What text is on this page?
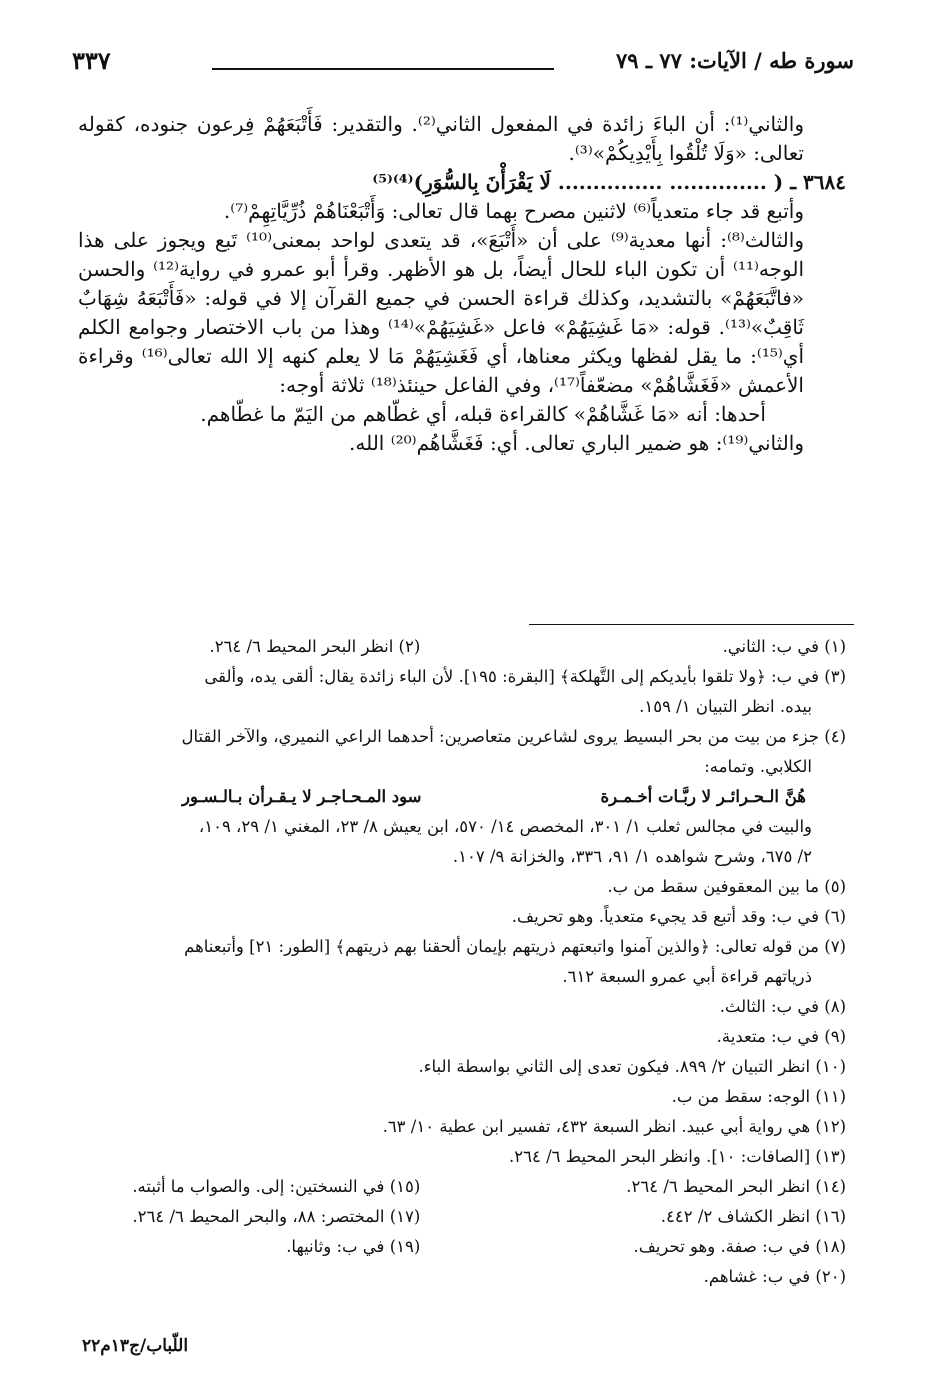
سورة طه / الآيات: ٧٧ ـ ٧٩
٣٣٧

والثاني⁽¹⁾: أن الباءَ زائدة في المفعول الثاني⁽²⁾. والتقدير: فَأَتْبَعَهُمْ فِرعون جنوده، كقوله تعالى: «وَلَا تُلْقُوا بِأَيْدِيكُمْ»⁽³⁾.

٣٦٨٤ ـ ( .............. ............... لَا يَقْرَأْنَ بِالسُّوَرِ)⁽⁴⁾⁽⁵⁾

وأتبع قد جاء متعدياً⁽⁶⁾ لاثنين مصرح بهما قال تعالى: وَأَتْبَعْنَاهُمْ ذُرِّيَّاتِهِمْ⁽⁷⁾.

والثالث⁽⁸⁾: أنها معدية⁽⁹⁾ على أن «أَتْبَعَ»، قد يتعدى لواحد بمعنى⁽¹⁰⁾ تَبع ويجوز على هذا الوجه⁽¹¹⁾ أن تكون الباء للحال أيضاً، بل هو الأظهر. وقرأ أبو عمرو في رواية⁽¹²⁾ والحسن «فاتَّبَعَهُمْ» بالتشديد، وكذلك قراءة الحسن في جميع القرآن إلا في قوله: «فَأَتْبَعَهُ شِهَابٌ ثَاقِبٌ»⁽¹³⁾. قوله: «مَا غَشِيَهُمْ» فاعل «غَشِيَهُمْ»⁽¹⁴⁾ وهذا من باب الاختصار وجوامع الكلم أي⁽¹⁵⁾: ما يقل لفظها ويكثر معناها، أي فَغَشِيَهُمْ مَا لا يعلم كنهه إلا الله تعالى⁽¹⁶⁾ وقراءة الأعمش «فَغَشَّاهُمْ» مضعّفاً⁽¹⁷⁾، وفي الفاعل حينئذ⁽¹⁸⁾ ثلاثة أوجه:

أحدها: أنه «مَا غَشَّاهُمْ» كالقراءة قبله، أي غطّاهم من اليَمّ ما غطّاهم.

والثاني⁽¹⁹⁾: هو ضمير الباري تعالى. أي: فَغَشَّاهُم⁽²⁰⁾ الله.

(١) في ب: الثاني.

(٢) انظر البحر المحيط ٦/ ٢٦٤.

(٣) في ب: ﴿ولا تلقوا بأيديكم إلى التَّهلكة﴾ [البقرة: ١٩٥]. لأن الباء زائدة يقال: ألقى يده، وألقى

بيده. انظر التبيان ١/ ١٥٩.

(٤) جزء من بيت من بحر البسيط يروى لشاعرين متعاصرين: أحدهما الراعي النميري، والآخر القتال

الكلابي. وتمامه:

هُنَّ الـحـرائـر لا ربَّـات أخـمـرة
سود المـحـاجـر لا يـقـرأن بـالـسـور

والبيت في مجالس ثعلب ١/ ٣٠١، المخصص ١٤/ ٥٧٠، ابن يعيش ٨/ ٢٣، المغني ١/ ٢٩، ١٠٩،

٢/ ٦٧٥، وشرح شواهده ١/ ٩١، ٣٣٦، والخزانة ٩/ ١٠٧.

(٥) ما بين المعقوفين سقط من ب.

(٦) في ب: وقد أتبع قد يجيء متعدياً. وهو تحريف.

(٧) من قوله تعالى: ﴿والذين آمنوا واتبعتهم ذريتهم بإيمان ألحقنا بهم ذريتهم﴾ [الطور: ٢١] وأتبعناهم

ذرياتهم قراءة أبي عمرو السبعة ٦١٢.

(٨) في ب: الثالث.

(٩) في ب: متعدية.

(١٠) انظر التبيان ٢/ ٨٩٩. فيكون تعدى إلى الثاني بواسطة الباء.

(١١) الوجه: سقط من ب.

(١٢) هي رواية أبي عبيد. انظر السبعة ٤٣٢، تفسير ابن عطية ١٠/ ٦٣.

(١٣) [الصافات: ١٠]. وانظر البحر المحيط ٦/ ٢٦٤.

(١٤) انظر البحر المحيط ٦/ ٢٦٤.

(١٥) في النسختين: إلى. والصواب ما أثبته.

(١٦) انظر الكشاف ٢/ ٤٤٢.

(١٧) المختصر: ٨٨، والبحر المحيط ٦/ ٢٦٤.

(١٨) في ب: صفة. وهو تحريف.

(١٩) في ب: وثانيها.

(٢٠) في ب: غشاهم.

اللّباب/ج١٣م٢٢
